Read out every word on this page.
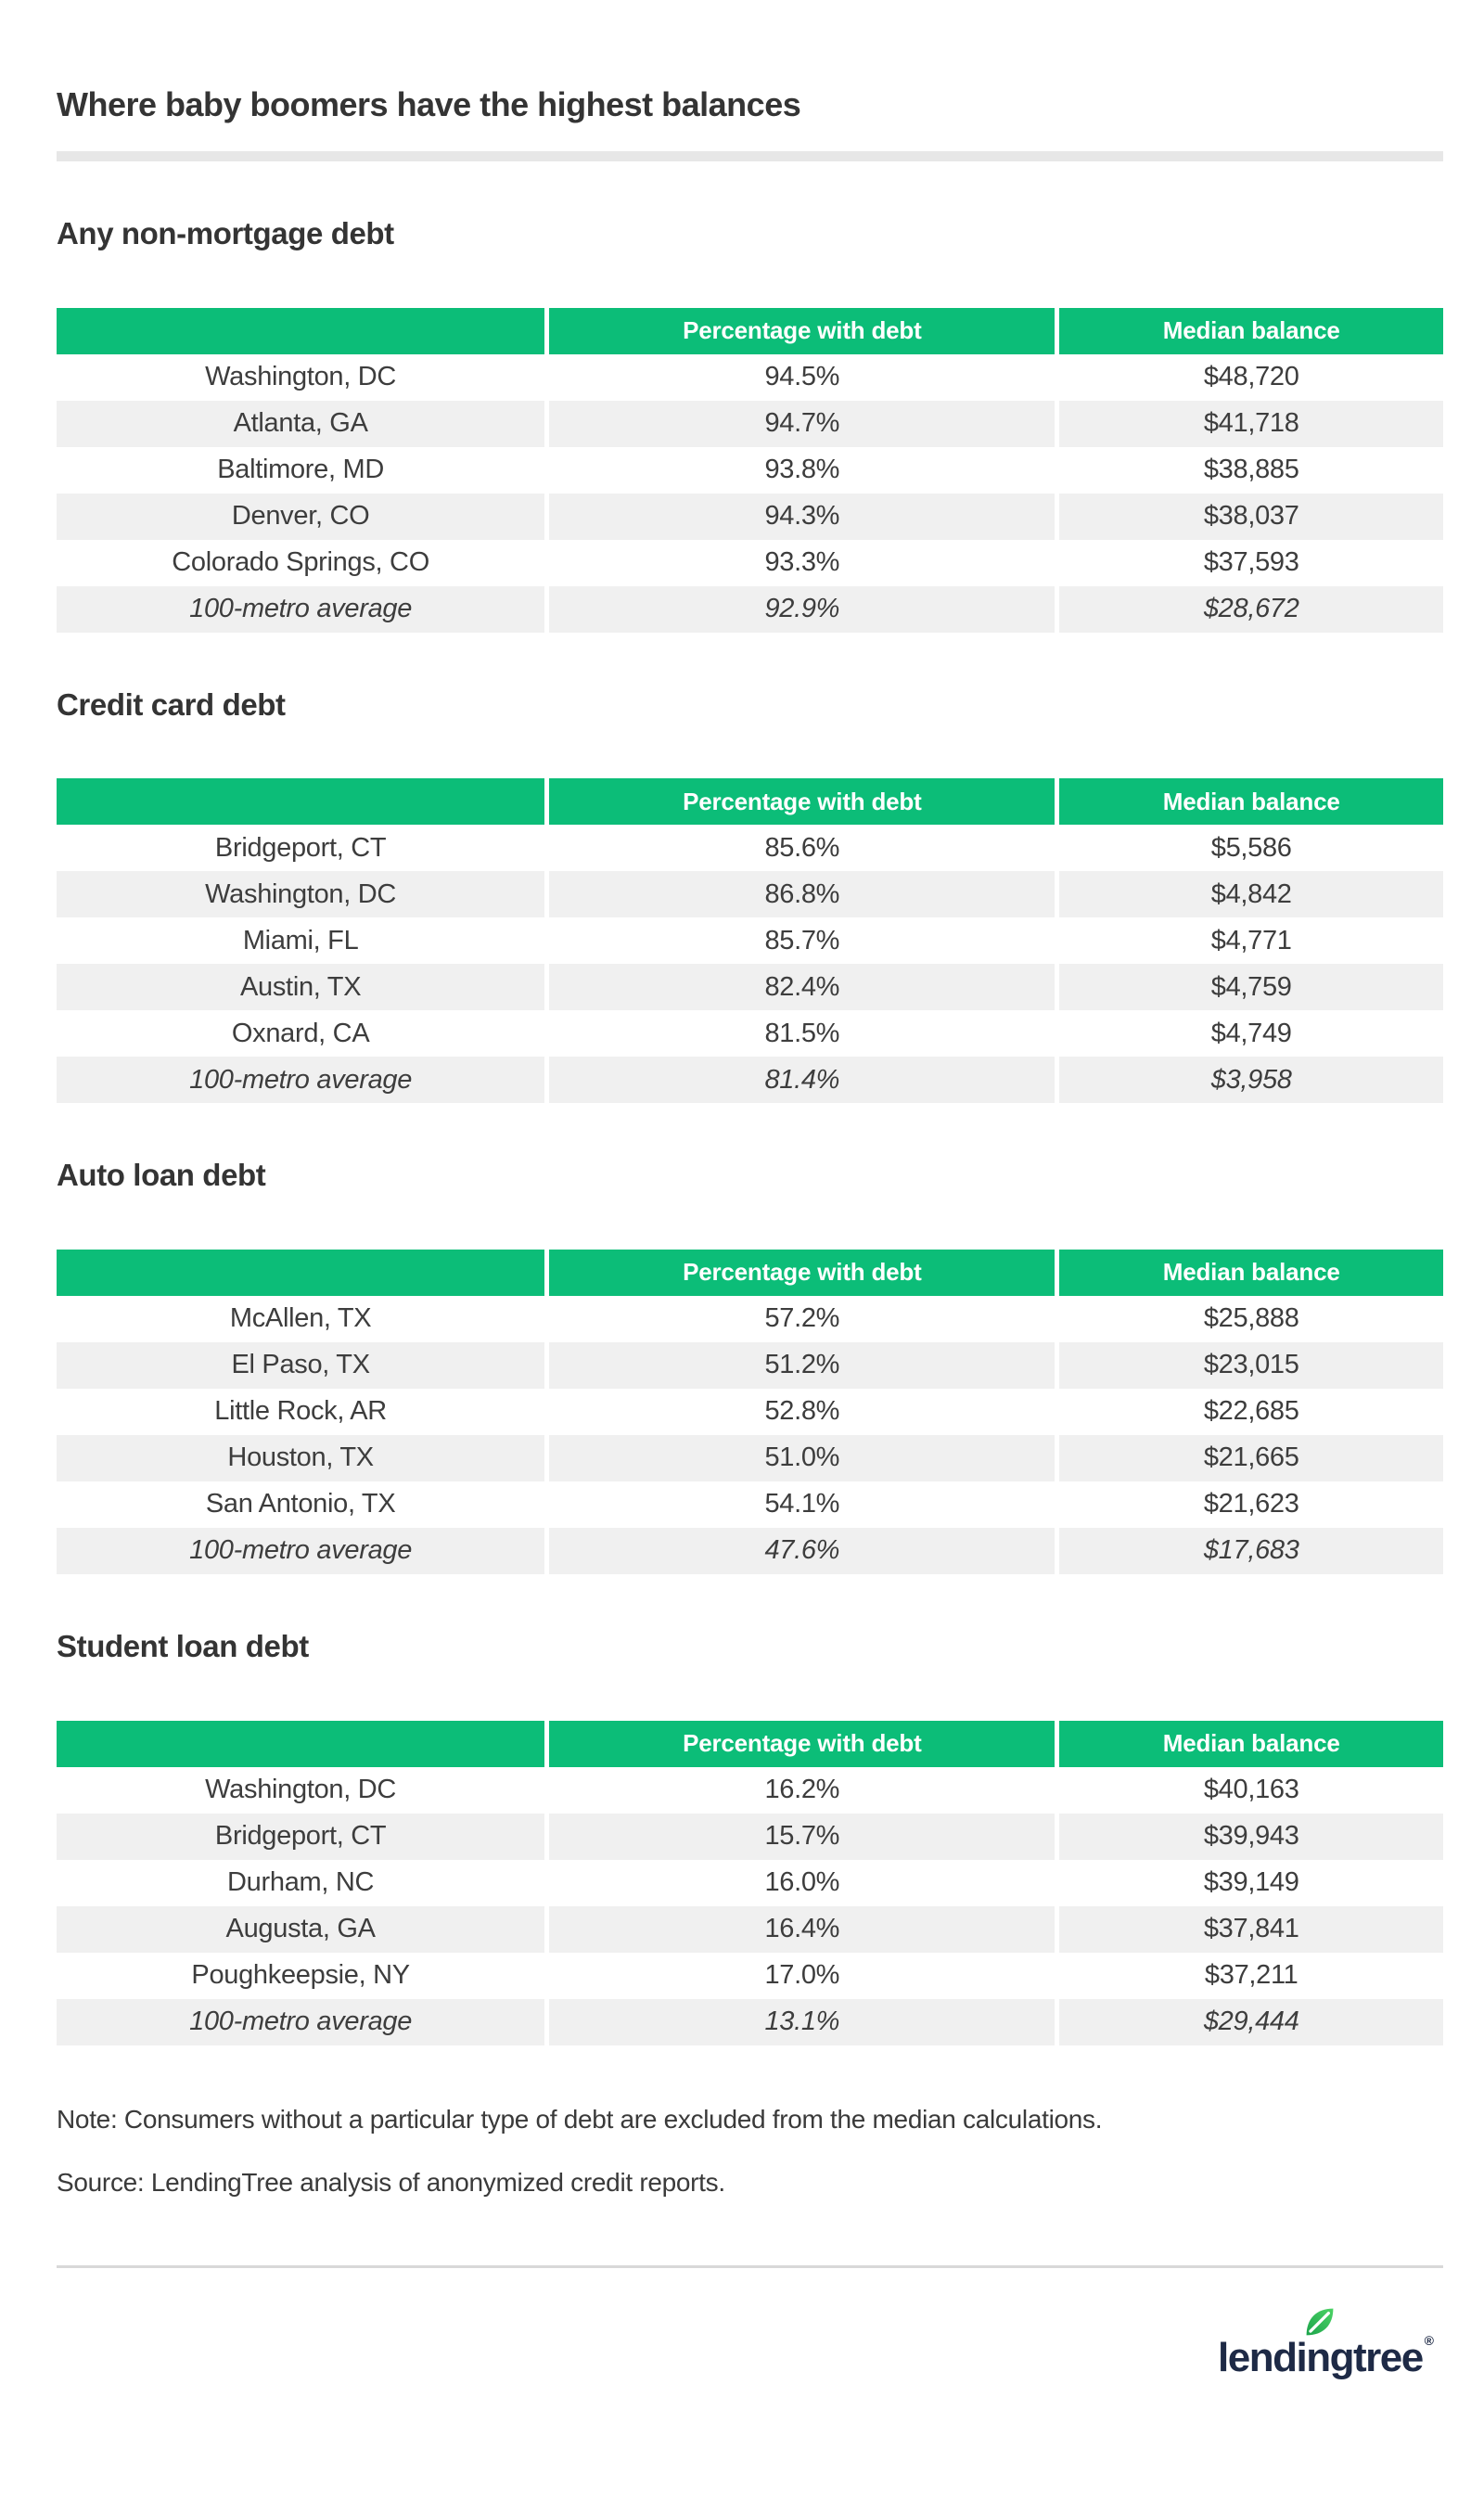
Where baby boomers have the highest balances
Any non-mortgage debt
	Percentage with debt	Median balance
Washington, DC	94.5%	$48,720
Atlanta, GA	94.7%	$41,718
Baltimore, MD	93.8%	$38,885
Denver, CO	94.3%	$38,037
Colorado Springs, CO	93.3%	$37,593
100-metro average	92.9%	$28,672
Credit card debt
	Percentage with debt	Median balance
Bridgeport, CT	85.6%	$5,586
Washington, DC	86.8%	$4,842
Miami, FL	85.7%	$4,771
Austin, TX	82.4%	$4,759
Oxnard, CA	81.5%	$4,749
100-metro average	81.4%	$3,958
Auto loan debt
	Percentage with debt	Median balance
McAllen, TX	57.2%	$25,888
El Paso, TX	51.2%	$23,015
Little Rock, AR	52.8%	$22,685
Houston, TX	51.0%	$21,665
San Antonio, TX	54.1%	$21,623
100-metro average	47.6%	$17,683
Student loan debt
	Percentage with debt	Median balance
Washington, DC	16.2%	$40,163
Bridgeport, CT	15.7%	$39,943
Durham, NC	16.0%	$39,149
Augusta, GA	16.4%	$37,841
Poughkeepsie, NY	17.0%	$37,211
100-metro average	13.1%	$29,444

Note: Consumers without a particular type of debt are excluded from the median calculations.

Source: LendingTree analysis of anonymized credit reports.

lendingtree ®
